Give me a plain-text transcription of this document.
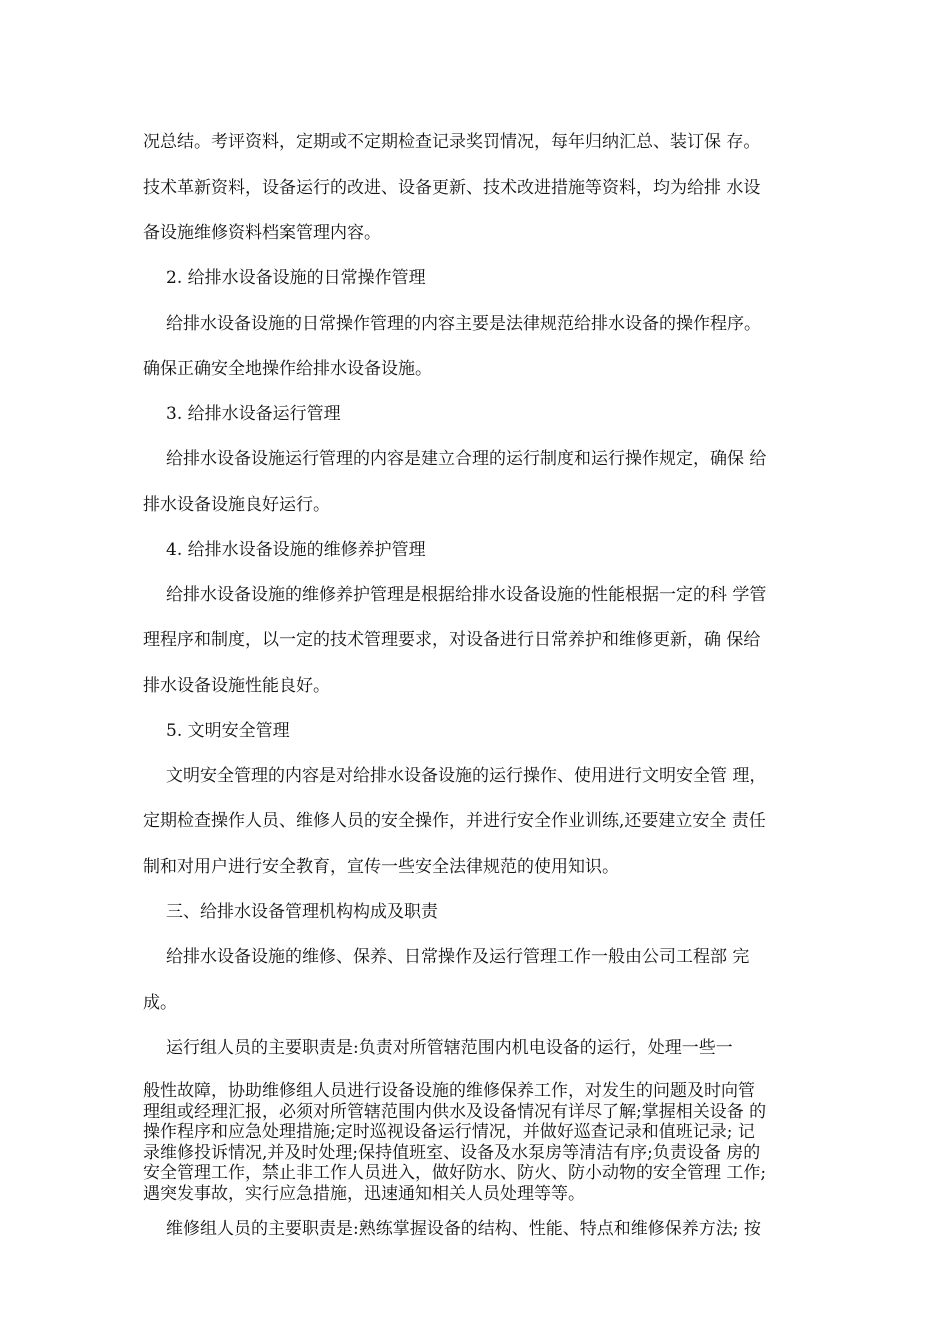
况总结。考评资料，定期或不定期检查记录奖罚情况，每年归纳汇总、装订保 存。
技术革新资料，设备运行的改进、设备更新、技术改进措施等资料，均为给排 水设
备设施维修资料档案管理内容。
2. 给排水设备设施的日常操作管理
给排水设备设施的日常操作管理的内容主要是法律规范给排水设备的操作程序。
确保正确安全地操作给排水设备设施。
3. 给排水设备运行管理
给排水设备设施运行管理的内容是建立合理的运行制度和运行操作规定，确保 给
排水设备设施良好运行。
4. 给排水设备设施的维修养护管理
给排水设备设施的维修养护管理是根据给排水设备设施的性能根据一定的科 学管
理程序和制度，以一定的技术管理要求，对设备进行日常养护和维修更新，确 保给
排水设备设施性能良好。
5. 文明安全管理
文明安全管理的内容是对给排水设备设施的运行操作、使用进行文明安全管 理，
定期检查操作人员、维修人员的安全操作，并进行安全作业训练,还要建立安全 责任
制和对用户进行安全教育，宣传一些安全法律规范的使用知识。
三、给排水设备管理机构构成及职责
给排水设备设施的维修、保养、日常操作及运行管理工作一般由公司工程部 完
成。
运行组人员的主要职责是:负责对所管辖范围内机电设备的运行，处理一些一
般性故障，协助维修组人员进行设备设施的维修保养工作，对发生的问题及时向管
理组或经理汇报，必须对所管辖范围内供水及设备情况有详尽了解;掌握相关设备 的
操作程序和应急处理措施;定时巡视设备运行情况，并做好巡查记录和值班记录; 记
录维修投诉情况,并及时处理;保持值班室、设备及水泵房等清洁有序;负责设备 房的
安全管理工作，禁止非工作人员进入，做好防水、防火、防小动物的安全管理 工作;
遇突发事故，实行应急措施，迅速通知相关人员处理等等。
维修组人员的主要职责是:熟练掌握设备的结构、性能、特点和维修保养方法; 按
